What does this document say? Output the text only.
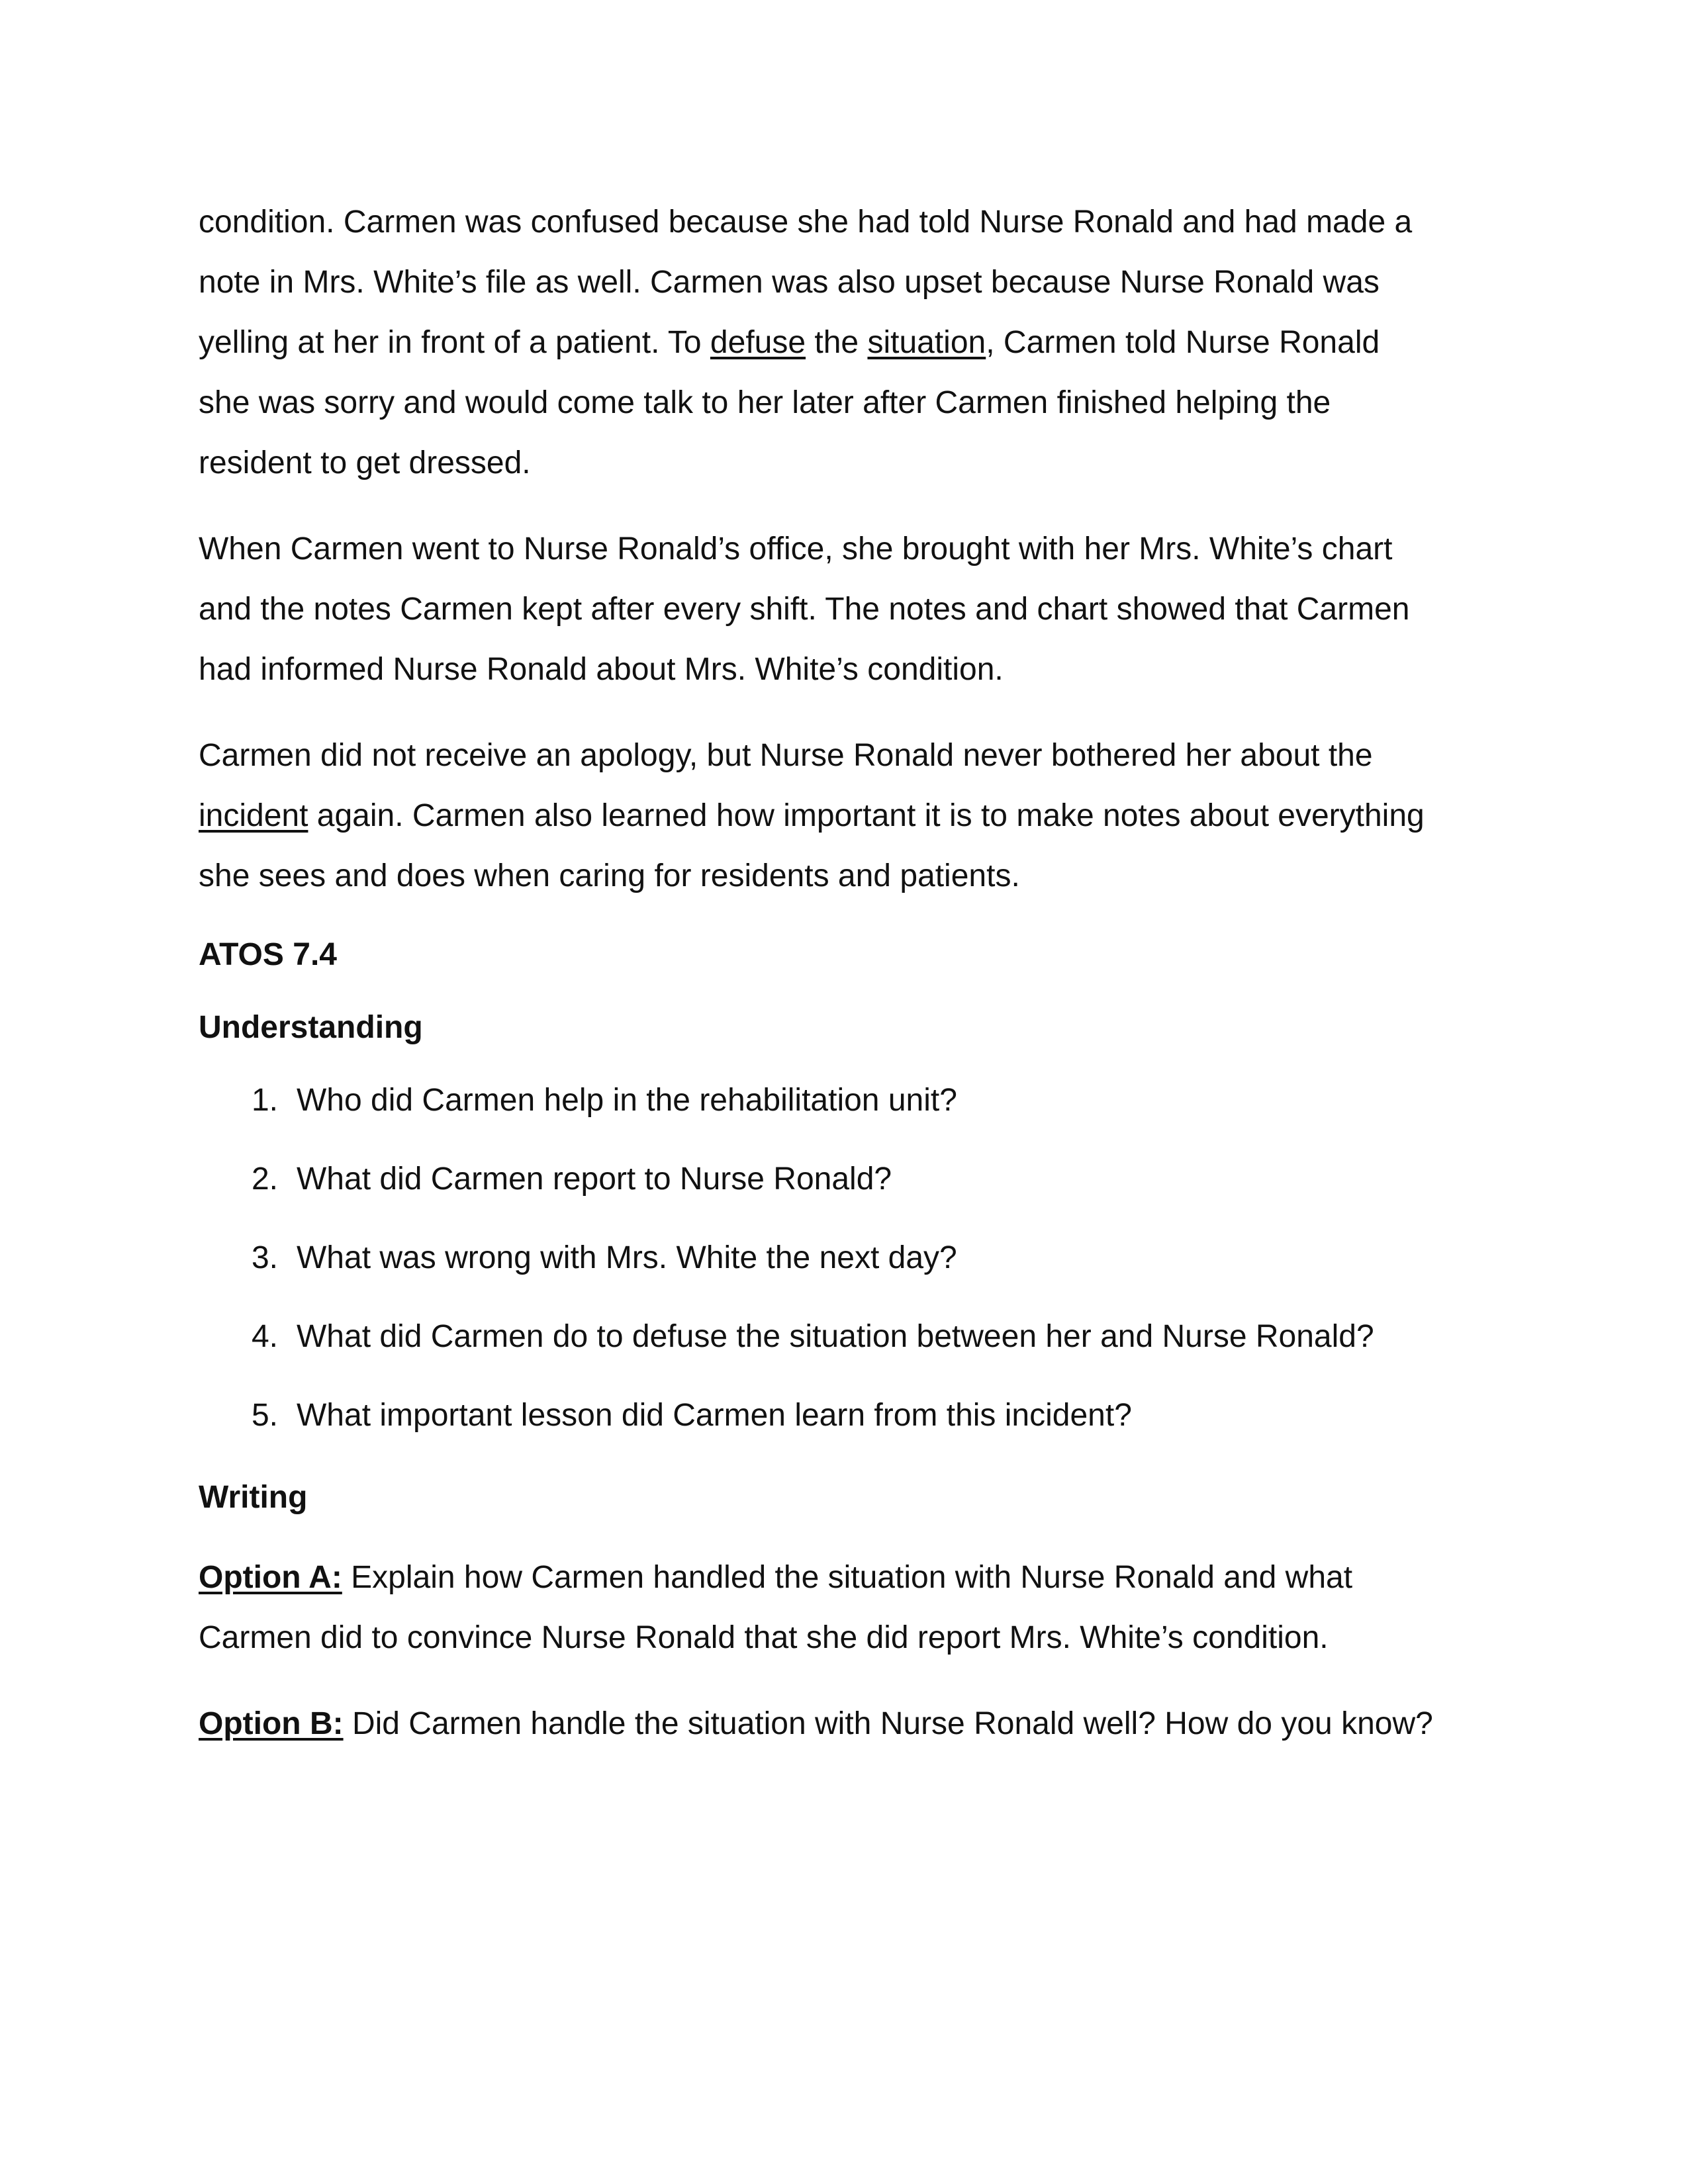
condition. Carmen was confused because she had told Nurse Ronald and had made a
note in Mrs. White’s file as well. Carmen was also upset because Nurse Ronald was
yelling at her in front of a patient. To defuse the situation, Carmen told Nurse Ronald
she was sorry and would come talk to her later after Carmen finished helping the
resident to get dressed.

When Carmen went to Nurse Ronald’s office, she brought with her Mrs. White’s chart
and the notes Carmen kept after every shift. The notes and chart showed that Carmen
had informed Nurse Ronald about Mrs. White’s condition.

Carmen did not receive an apology, but Nurse Ronald never bothered her about the
incident again. Carmen also learned how important it is to make notes about everything
she sees and does when caring for residents and patients.

ATOS 7.4
Understanding
1. Who did Carmen help in the rehabilitation unit?
2. What did Carmen report to Nurse Ronald?
3. What was wrong with Mrs. White the next day?
4. What did Carmen do to defuse the situation between her and Nurse Ronald?
5. What important lesson did Carmen learn from this incident?
Writing

Option A: Explain how Carmen handled the situation with Nurse Ronald and what
Carmen did to convince Nurse Ronald that she did report Mrs. White’s condition.

Option B: Did Carmen handle the situation with Nurse Ronald well? How do you know?
